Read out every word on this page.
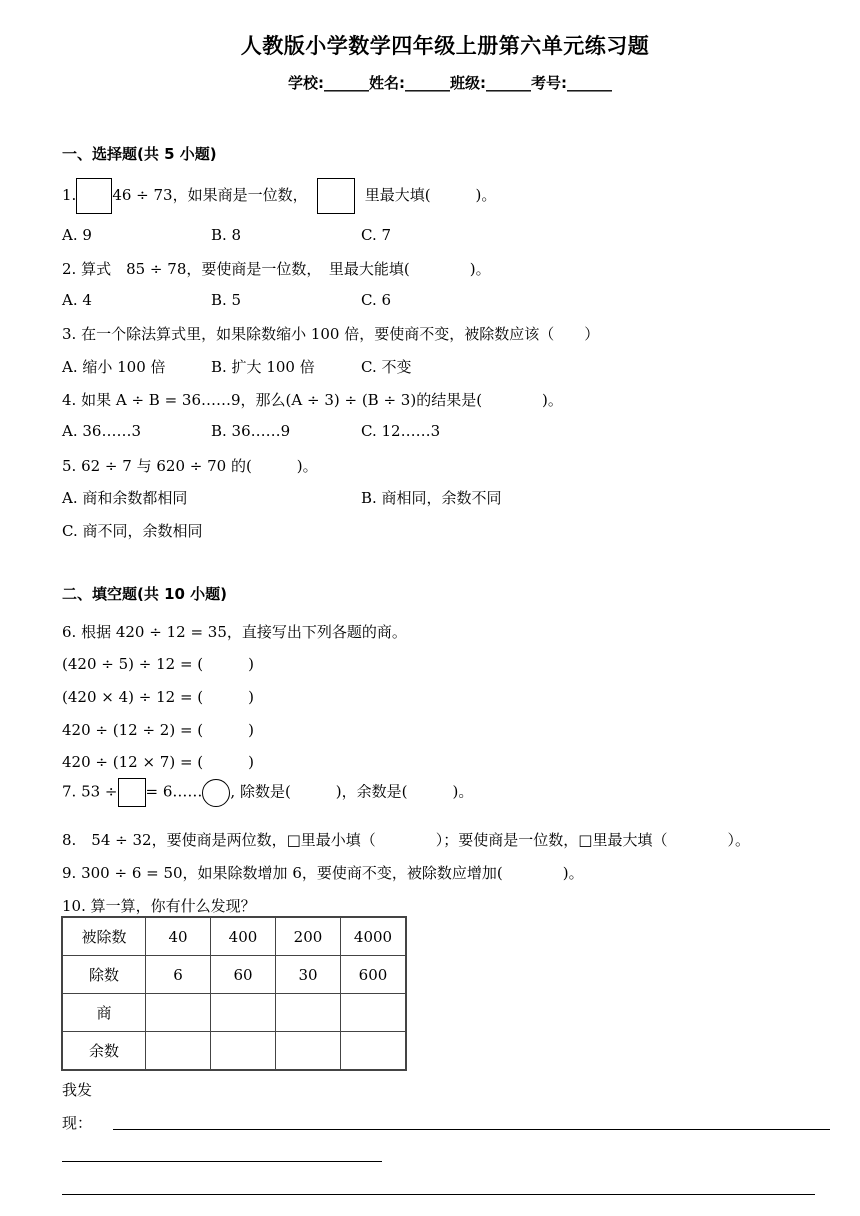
人教版小学数学四年级上册第六单元练习题
学校:______姓名:______班级:______考号:______
一、选择题(共 5 小题)
1. 46 ÷ 73，如果商是一位数，	里最大填(　　　)。
A. 9	B. 8	C. 7
2. 算式　85 ÷ 78，要使商是一位数，　里最大能填(　　　　)。
A. 4	B. 5	C. 6
3. 在一个除法算式里，如果除数缩小 100 倍，要使商不变，被除数应该（　　）
A. 缩小 100 倍	B. 扩大 100 倍	C. 不变
4. 如果 A ÷ B = 36……9，那么(A ÷ 3) ÷ (B ÷ 3)的结果是(　　　　)。
A. 36……3	B. 36……9	C. 12……3
5. 62 ÷ 7 与 620 ÷ 70 的(　　　)。
A. 商和余数都相同	B. 商相同，余数不同
C. 商不同，余数相同
二、填空题(共 10 小题)
6. 根据 420 ÷ 12 = 35，直接写出下列各题的商。
(420 ÷ 5) ÷ 12 = (　　　)
(420 × 4) ÷ 12 = (　　　)
420 ÷ (12 ÷ 2) = (　　　)
420 ÷ (12 × 7) = (　　　)
7. 53 ÷ = 6…… , 除数是(　　　)，余数是(　　　)。
8.　54 ÷ 32，要使商是两位数，□里最小填（　　　　）；要使商是一位数，□里最大填（　　　　）。
9. 300 ÷ 6 = 50，如果除数增加 6，要使商不变，被除数应增加(　　　　)。
10. 算一算，你有什么发现？
被除数	40	400	200	4000
除数	6	60	30	600
商				
余数				
我发
现：
